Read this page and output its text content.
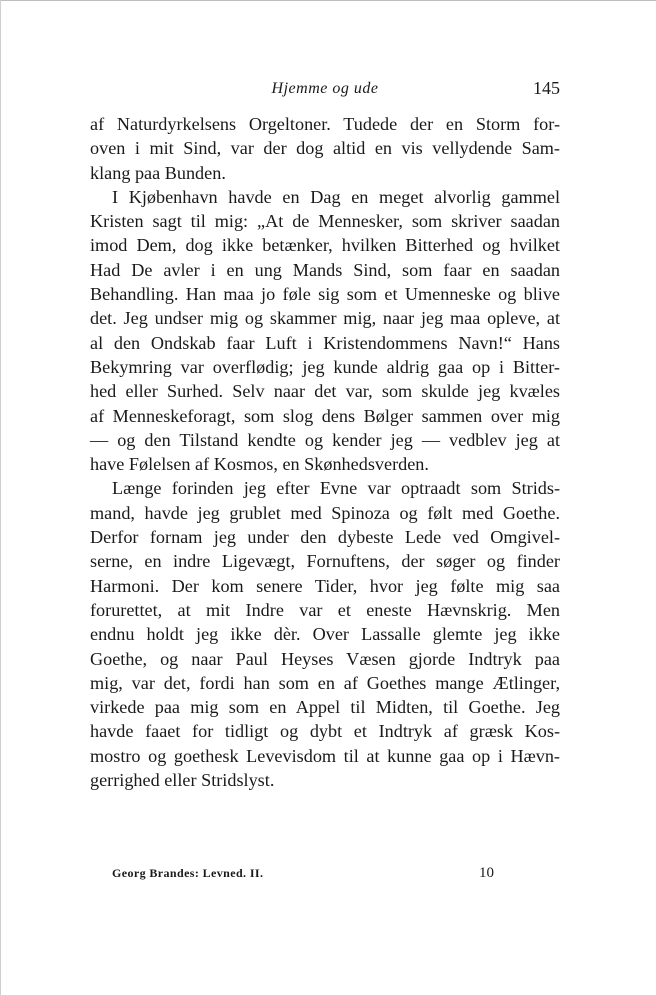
Hjemme og ude	145
af Naturdyrkelsens Orgeltoner. Tudede der en Storm for-
oven i mit Sind, var der dog altid en vis vellydende Sam-
klang paa Bunden.
I Kjøbenhavn havde en Dag en meget alvorlig gammel
Kristen sagt til mig: „At de Mennesker, som skriver saadan
imod Dem, dog ikke betænker, hvilken Bitterhed og hvilket
Had De avler i en ung Mands Sind, som faar en saadan
Behandling. Han maa jo føle sig som et Umenneske og blive
det. Jeg undser mig og skammer mig, naar jeg maa opleve, at
al den Ondskab faar Luft i Kristendommens Navn!“ Hans
Bekymring var overflødig; jeg kunde aldrig gaa op i Bitter-
hed eller Surhed. Selv naar det var, som skulde jeg kvæles
af Menneskeforagt, som slog dens Bølger sammen over mig
— og den Tilstand kendte og kender jeg — vedblev jeg at
have Følelsen af Kosmos, en Skønhedsverden.
Længe forinden jeg efter Evne var optraadt som Strids-
mand, havde jeg grublet med Spinoza og følt med Goethe.
Derfor fornam jeg under den dybeste Lede ved Omgivel-
serne, en indre Ligevægt, Fornuftens, der søger og finder
Harmoni. Der kom senere Tider, hvor jeg følte mig saa
forurettet, at mit Indre var et eneste Hævnskrig. Men
endnu holdt jeg ikke dèr. Over Lassalle glemte jeg ikke
Goethe, og naar Paul Heyses Væsen gjorde Indtryk paa
mig, var det, fordi han som en af Goethes mange Ætlinger,
virkede paa mig som en Appel til Midten, til Goethe. Jeg
havde faaet for tidligt og dybt et Indtryk af græsk Kos-
mostro og goethesk Levevisdom til at kunne gaa op i Hævn-
gerrighed eller Stridslyst.
Georg Brandes: Levned. II.	10
